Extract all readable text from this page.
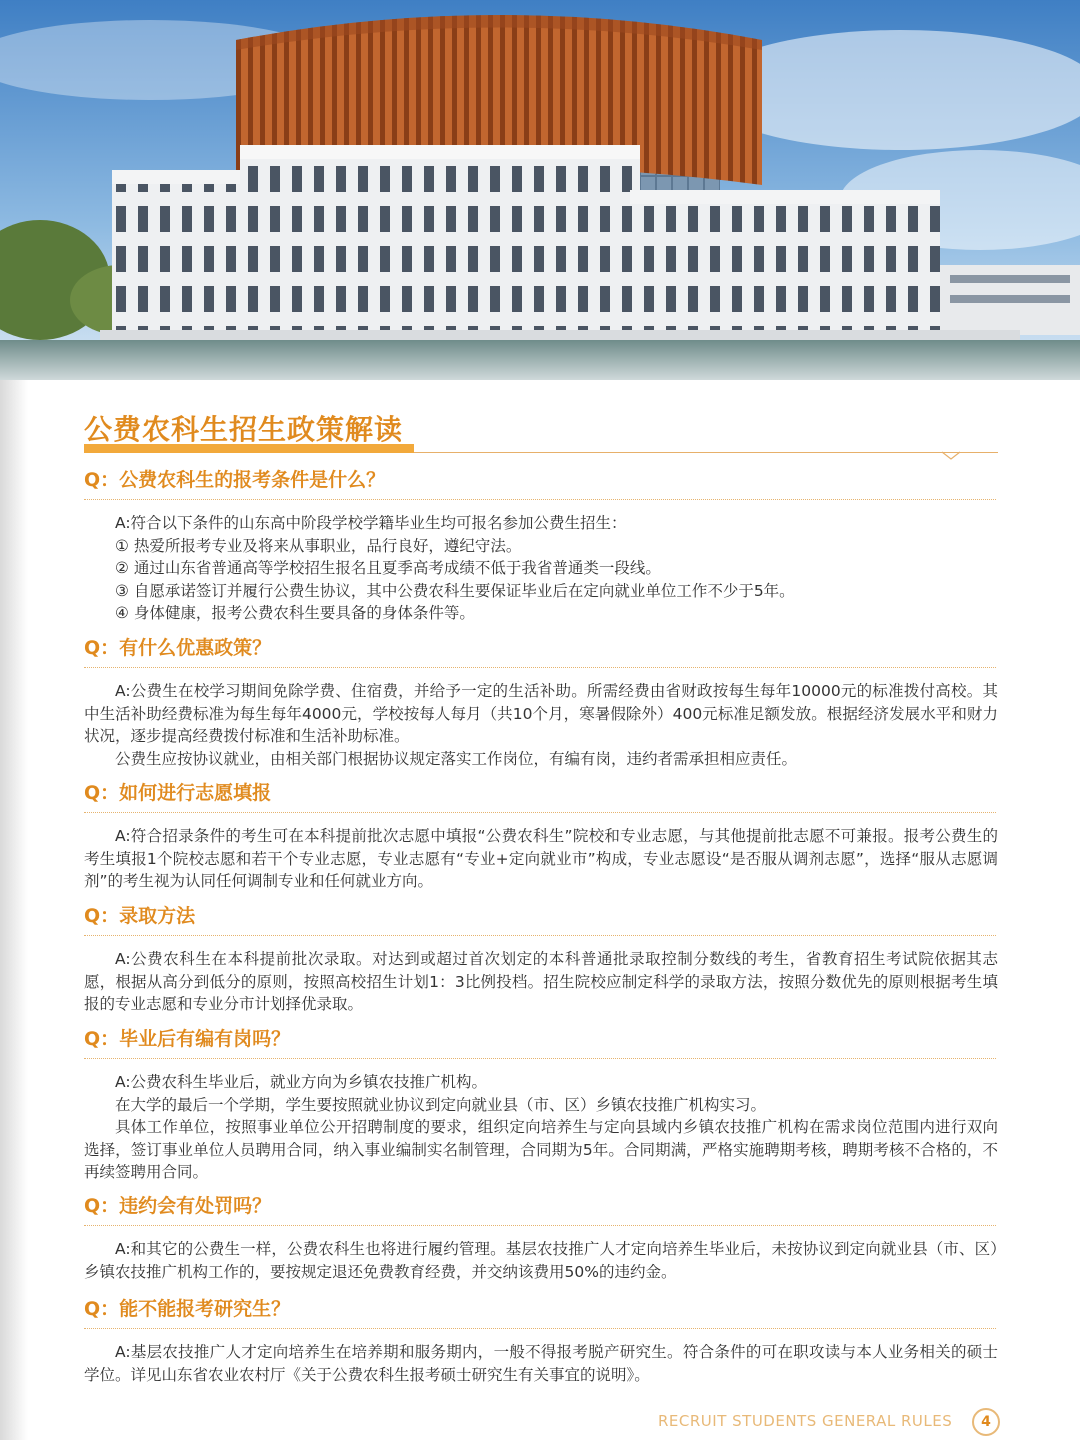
公费农科生招生政策解读
Q：公费农科生的报考条件是什么？

A:符合以下条件的山东高中阶段学校学籍毕业生均可报名参加公费生招生：

① 热爱所报考专业及将来从事职业，品行良好，遵纪守法。

② 通过山东省普通高等学校招生报名且夏季高考成绩不低于我省普通类一段线。

③ 自愿承诺签订并履行公费生协议，其中公费农科生要保证毕业后在定向就业单位工作不少于5年。

④ 身体健康，报考公费农科生要具备的身体条件等。

Q：有什么优惠政策？

A:公费生在校学习期间免除学费、住宿费，并给予一定的生活补助。所需经费由省财政按每生每年10000元的标准拨付高校。其中生活补助经费标准为每生每年4000元，学校按每人每月（共10个月，寒暑假除外）400元标准足额发放。根据经济发展水平和财力状况，逐步提高经费拨付标准和生活补助标准。

公费生应按协议就业，由相关部门根据协议规定落实工作岗位，有编有岗，违约者需承担相应责任。

Q：如何进行志愿填报

A:符合招录条件的考生可在本科提前批次志愿中填报“公费农科生”院校和专业志愿，与其他提前批志愿不可兼报。报考公费生的考生填报1个院校志愿和若干个专业志愿，专业志愿有“专业+定向就业市”构成，专业志愿设“是否服从调剂志愿”，选择“服从志愿调剂”的考生视为认同任何调制专业和任何就业方向。

Q：录取方法

A:公费农科生在本科提前批次录取。对达到或超过首次划定的本科普通批录取控制分数线的考生，省教育招生考试院依据其志愿，根据从高分到低分的原则，按照高校招生计划1：3比例投档。招生院校应制定科学的录取方法，按照分数优先的原则根据考生填报的专业志愿和专业分市计划择优录取。

Q：毕业后有编有岗吗？

A:公费农科生毕业后，就业方向为乡镇农技推广机构。

在大学的最后一个学期，学生要按照就业协议到定向就业县（市、区）乡镇农技推广机构实习。

具体工作单位，按照事业单位公开招聘制度的要求，组织定向培养生与定向县域内乡镇农技推广机构在需求岗位范围内进行双向选择，签订事业单位人员聘用合同，纳入事业编制实名制管理，合同期为5年。合同期满，严格实施聘期考核，聘期考核不合格的，不再续签聘用合同。

Q：违约会有处罚吗？

A:和其它的公费生一样，公费农科生也将进行履约管理。基层农技推广人才定向培养生毕业后，未按协议到定向就业县（市、区）乡镇农技推广机构工作的，要按规定退还免费教育经费，并交纳该费用50%的违约金。

Q：能不能报考研究生？

A:基层农技推广人才定向培养生在培养期和服务期内，一般不得报考脱产研究生。符合条件的可在职攻读与本人业务相关的硕士学位。详见山东省农业农村厅《关于公费农科生报考硕士研究生有关事宜的说明》。

RECRUIT STUDENTS GENERAL RULES	4
